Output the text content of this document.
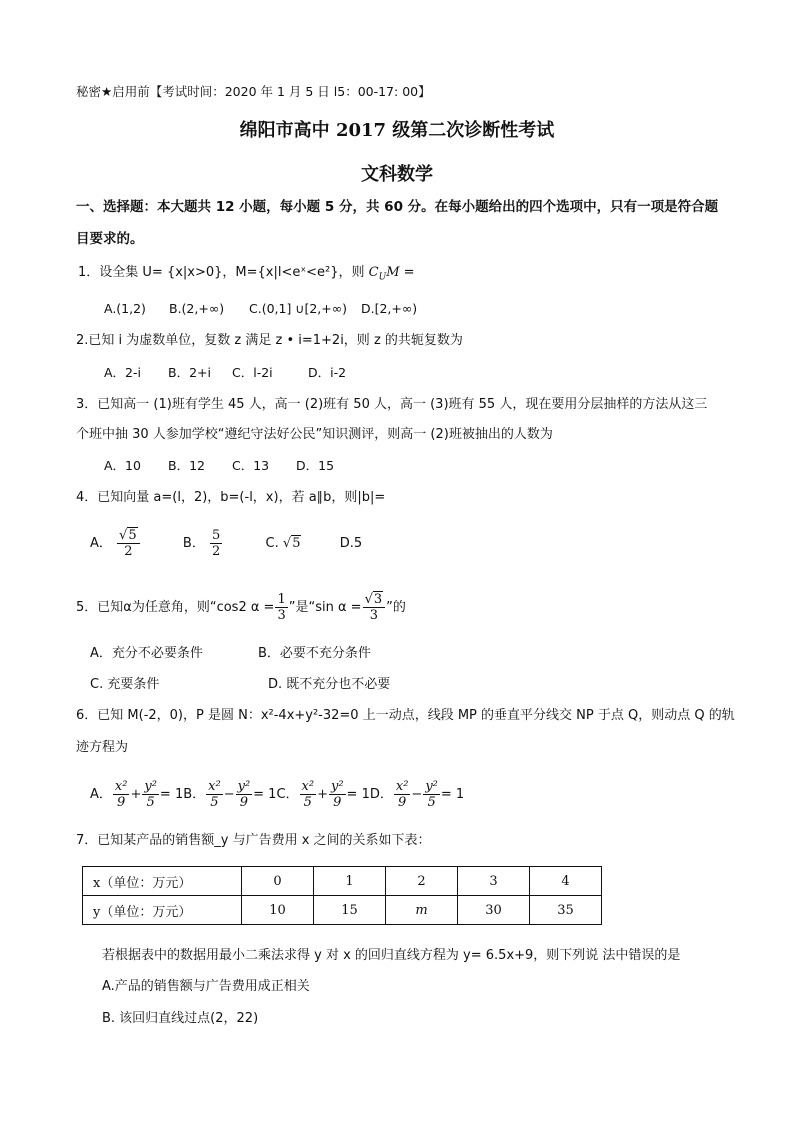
秘密★启用前【考试时间：2020 年 1 月 5 日 l5：00-17: 00】
绵阳市高中 2017 级第二次诊断性考试
文科数学
一、选择题：本大题共 12 小题，每小题 5 分，共 60 分。在每小题给出的四个选项中，只有一项是符合题
目要求的。
1．设全集 U= {x|x>0}，M={x|l<eˣ<e²}，则 $C_UM$ =
A.(1,2) B.(2,+∞) C.(0,1] ∪[2,+∞) D.[2,+∞)
2.已知 i 为虚数单位，复数 z 满足 z • i=1+2i，则 z 的共轭复数为
A．2-i B．2+i C．l-2i	D．i-2
3．已知高一 (1)班有学生 45 人，高一 (2)班有 50 人，高一 (3)班有 55 人，现在要用分层抽样的方法从这三
个班中抽 30 人参加学校“遵纪守法好公民”知识测评，则高一 (2)班被抽出的人数为
A．10 B．12 C．13 D．15
4．已知向量 a=(l，2)，b=(-l，x)，若 a∥b，则|b|=
A． $\frac{√5}{2}$	B． $\frac{5}{2}$	C. √5	D.5
5．已知α为任意角，则“cos2 $\alpha = \frac{1}{3}$ ”是“sin $\alpha = \frac{√3}{3}$ ”的
A．充分不必要条件	B．必要不充分条件
C. 充要条件	D. 既不充分也不必要
6．已知 M(-2，0)，P 是圆 N：x²-4x+y²-32=0 上一动点，线段 MP 的垂直平分线交 NP 于点 Q，则动点 Q 的轨
迹方程为
A． $\frac{\text{x²}}{9} + \frac{\text{y²}}{5} = 1B$． $\frac{\text{x²}}{5} - \frac{\text{y²}}{9} = 1C$． $\frac{\text{x²}}{5} + \frac{\text{y²}}{9} = 1D$． $\frac{\text{x²}}{9} - \frac{\text{y²}}{5} = 1$
7．已知某产品的销售额_y 与广告费用 x 之间的关系如下表：
x（单位：万元）	0	1	2	3	4
y（单位：万元）	10	15	m	30	35
若根据表中的数据用最小二乘法求得 y 对 x 的回归直线方程为 y= 6.5x+9，则下列说 法中错误的是
A.产品的销售额与广告费用成正相关
B. 该回归直线过点(2，22)
